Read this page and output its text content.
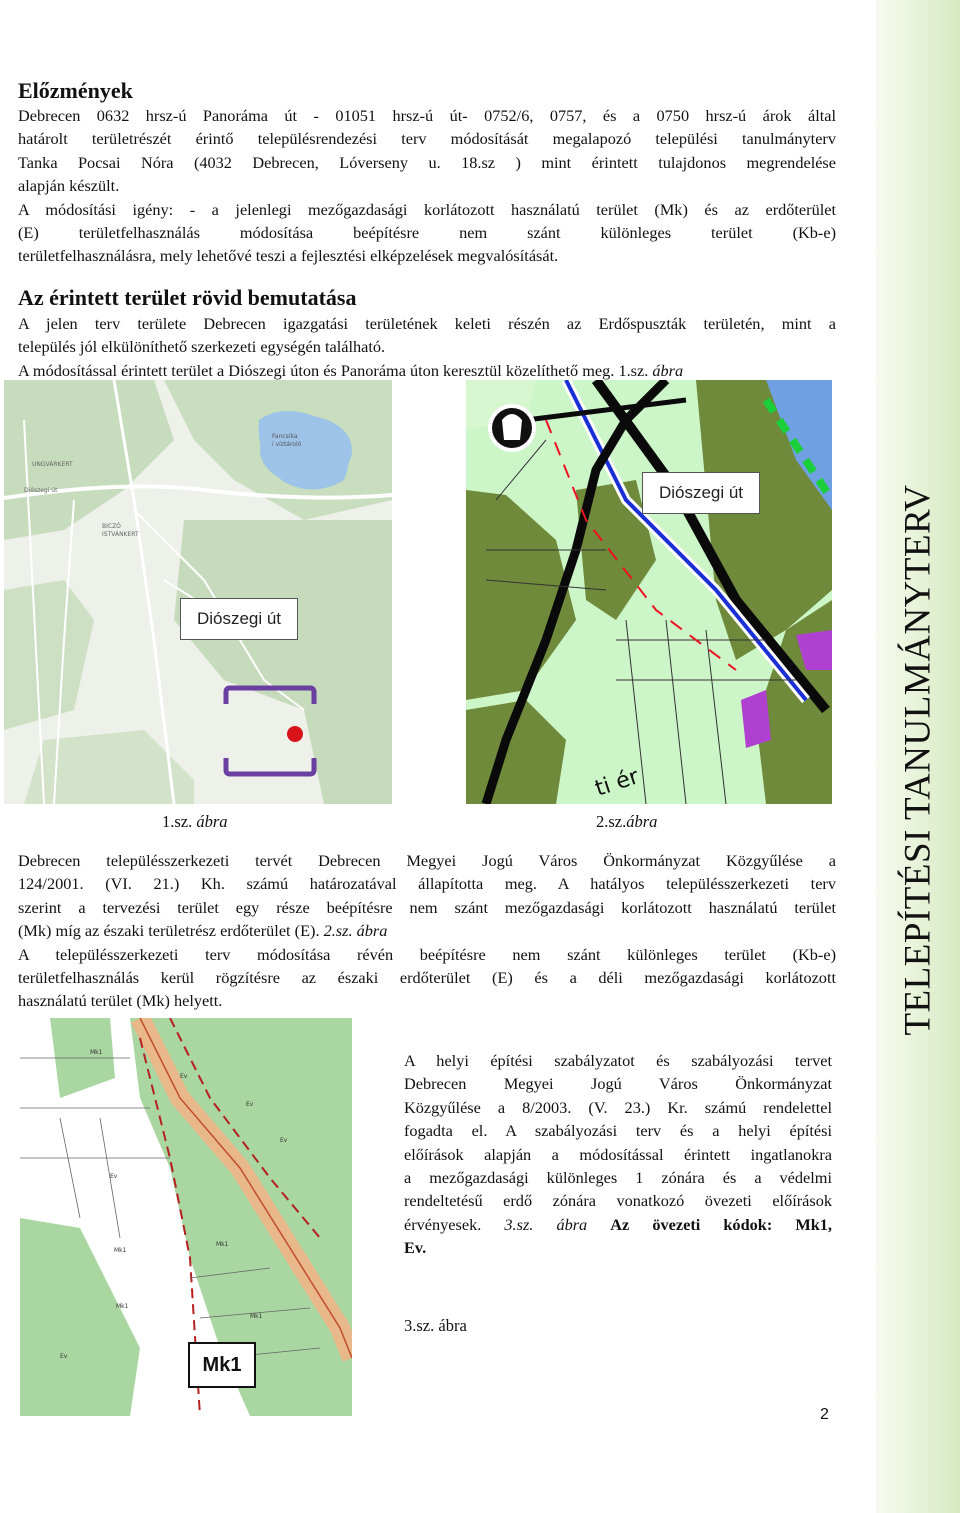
TELEPÍTÉSI TANULMÁNYTERV
Előzmények
Debrecen 0632 hrsz-ú Panoráma út - 01051 hrsz-ú út- 0752/6, 0757, és a 0750 hrsz-ú árok által
határolt területrészét érintő településrendezési terv módosítását megalapozó települési tanulmányterv
Tanka Pocsai Nóra (4032 Debrecen, Lóverseny u. 18.sz ) mint érintett tulajdonos megrendelése
alapján készült.
A módosítási igény: - a jelenlegi mezőgazdasági korlátozott használatú terület (Mk) és az erdőterület
(E) területfelhasználás módosítása beépítésre nem szánt különleges terület (Kb-e)
területfelhasználásra, mely lehetővé teszi a fejlesztési elképzelések megvalósítását.
Az érintett terület rövid bemutatása
A jelen terv területe Debrecen igazgatási területének keleti részén az Erdőspuszták területén, mint a
település jól elkülöníthető szerkezeti egységén található.
A módosítással érintett terület a Diószegi úton és Panoráma úton keresztül közelíthető meg. 1.sz. ábra
UNGVÁRKERT
Fancsika
i víztároló
Diószegi út
BICZÓ
ISTVÁNKERT
Diószegi út
1.sz. ábra
ti ér
Diószegi út
2.sz.ábra
Debrecen településszerkezeti tervét Debrecen Megyei Jogú Város Önkormányzat Közgyűlése a
124/2001. (VI. 21.) Kh. számú határozatával állapította meg. A hatályos településszerkezeti terv
szerint a tervezési terület egy része beépítésre nem szánt mezőgazdasági korlátozott használatú terület
(Mk) míg az északi területrész erdőterület (E). 2.sz. ábra
A településszerkezeti terv módosítása révén beépítésre nem szánt különleges terület (Kb-e)
területfelhasználás kerül rögzítésre az északi erdőterület (E) és a déli mezőgazdasági korlátozott
használatú terület (Mk) helyett.
Mk1
Ev
Mk1
Ev
Mk1
Ev
Mk1
Ev
Mk1
Ev
Mk1
A helyi építési szabályzatot és szabályozási tervet
Debrecen Megyei Jogú Város Önkormányzat
Közgyűlése a 8/2003. (V. 23.) Kr. számú rendelettel
fogadta el. A szabályozási terv és a helyi építési
előírások alapján a módosítással érintett ingatlanokra
a mezőgazdasági különleges 1 zónára és a védelmi
rendeltetésű erdő zónára vonatkozó övezeti előírások
érvényesek. 3.sz. ábra Az övezeti kódok: Mk1,
Ev.
3.sz. ábra
2
